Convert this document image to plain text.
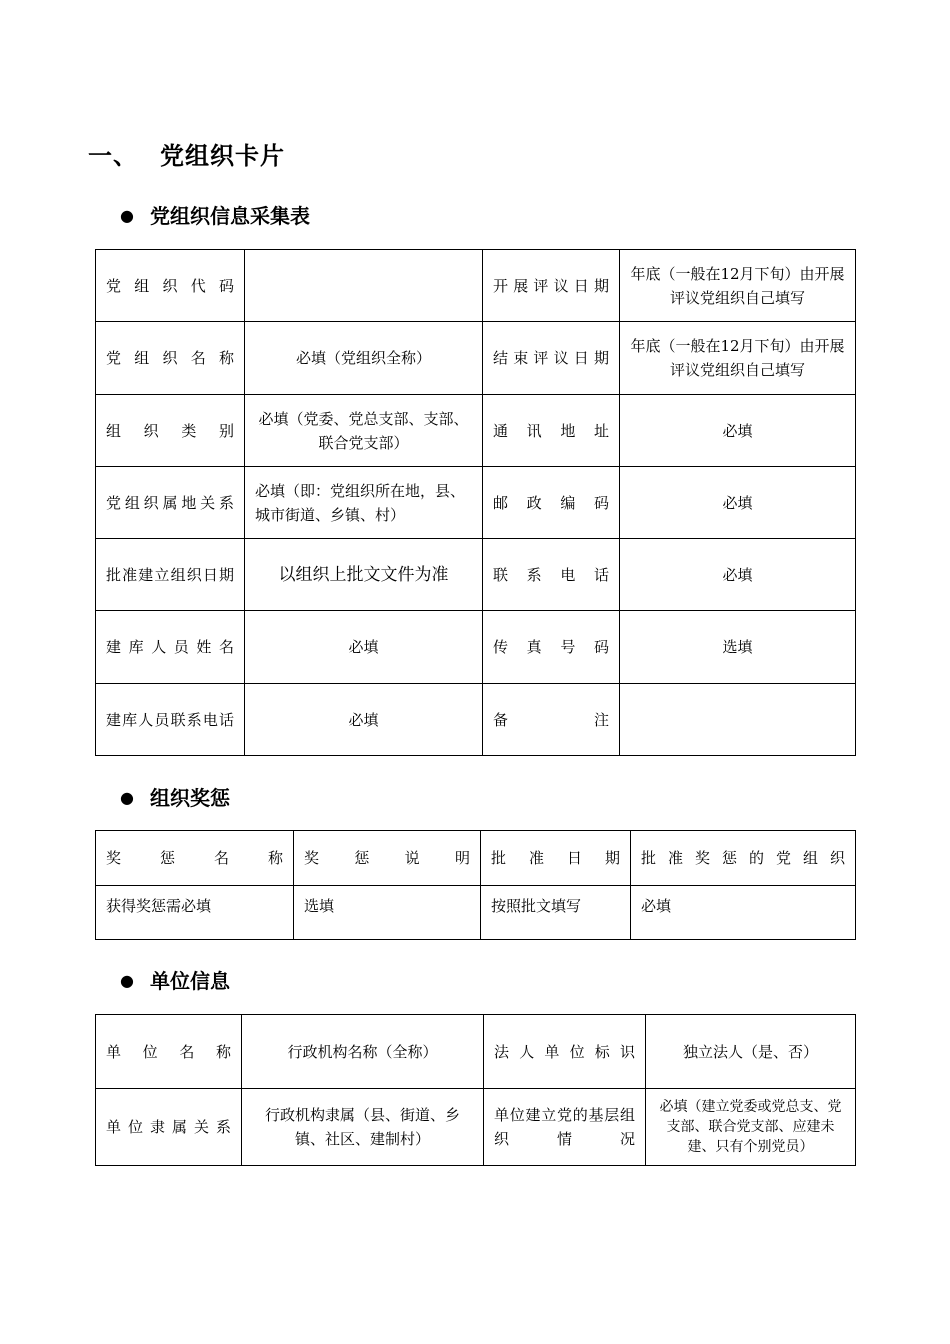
一、 党组织卡片
● 党组织信息采集表
党组织代码		开展评议日期	年底（一般在12月下旬）由开展评议党组织自己填写
党组织名称	必填（党组织全称）	结束评议日期	年底（一般在12月下旬）由开展评议党组织自己填写
组织类别	必填（党委、党总支部、支部、联合党支部）	通讯地址	必填
党组织属地关系	必填（即：党组织所在地，县、城市街道、乡镇、村）	邮政编码	必填
批准建立组织日期	以组织上批文文件为准	联系电话	必填
建库人员姓名	必填	传真号码	选填
建库人员联系电话	必填	备注	
● 组织奖惩
奖惩名称	奖惩说明	批准日期	批准奖惩的党组织
获得奖惩需必填	选填	按照批文填写	必填
● 单位信息
单位名称	行政机构名称（全称）	法人单位标识	独立法人（是、否）
单位隶属关系	行政机构隶属（县、街道、乡镇、社区、建制村）	单位建立党的基层组织情况	必填（建立党委或党总支、党支部、联合党支部、应建未建、只有个别党员）
